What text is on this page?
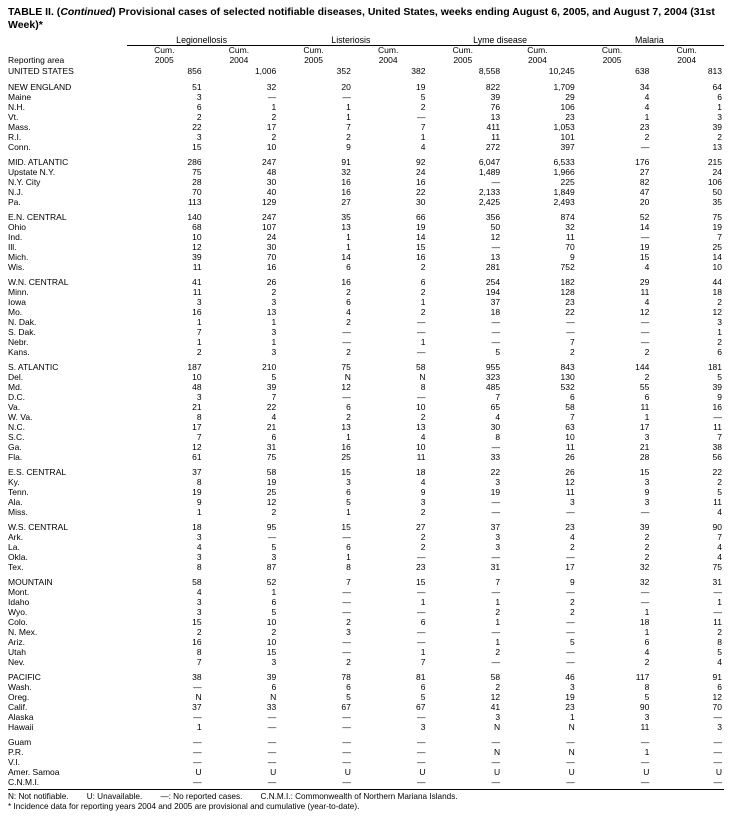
TABLE II. (Continued) Provisional cases of selected notifiable diseases, United States, weeks ending August 6, 2005, and August 7, 2004 (31st Week)*
	Legionellosis		Listeriosis		Lyme disease		Malaria	
Reporting area	Cum.	Cum.	Cum.	Cum.	Cum.	Cum.	Cum.	Cum.
	2005	2004	2005	2004	2005	2004	2005	2004
UNITED STATES	856	1,006	352	382	8,558	10,245	638	813

NEW ENGLAND	51	32	20	19	822	1,709	34	64
Maine	3	—	—	5	39	29	4	6
N.H.	6	1	1	2	76	106	4	1
Vt.	2	2	1	—	13	23	1	3
Mass.	22	17	7	7	411	1,053	23	39
R.I.	3	2	2	1	11	101	2	2
Conn.	15	10	9	4	272	397	—	13

MID. ATLANTIC	286	247	91	92	6,047	6,533	176	215
Upstate N.Y.	75	48	32	24	1,489	1,966	27	24
N.Y. City	28	30	16	16	—	225	82	106
N.J.	70	40	16	22	2,133	1,849	47	50
Pa.	113	129	27	30	2,425	2,493	20	35

E.N. CENTRAL	140	247	35	66	356	874	52	75
Ohio	68	107	13	19	50	32	14	19
Ind.	10	24	1	14	12	11	—	7
Ill.	12	30	1	15	—	70	19	25
Mich.	39	70	14	16	13	9	15	14
Wis.	11	16	6	2	281	752	4	10

W.N. CENTRAL	41	26	16	6	254	182	29	44
Minn.	11	2	2	2	194	128	11	18
Iowa	3	3	6	1	37	23	4	2
Mo.	16	13	4	2	18	22	12	12
N. Dak.	1	1	2	—	—	—	—	3
S. Dak.	7	3	—	—	—	—	—	1
Nebr.	1	1	—	1	—	7	—	2
Kans.	2	3	2	—	5	2	2	6

S. ATLANTIC	187	210	75	58	955	843	144	181
Del.	10	5	N	N	323	130	2	5
Md.	48	39	12	8	485	532	55	39
D.C.	3	7	—	—	7	6	6	9
Va.	21	22	6	10	65	58	11	16
W. Va.	8	4	2	2	4	7	1	—
N.C.	17	21	13	13	30	63	17	11
S.C.	7	6	1	4	8	10	3	7
Ga.	12	31	16	10	—	11	21	38
Fla.	61	75	25	11	33	26	28	56

E.S. CENTRAL	37	58	15	18	22	26	15	22
Ky.	8	19	3	4	3	12	3	2
Tenn.	19	25	6	9	19	11	9	5
Ala.	9	12	5	3	—	3	3	11
Miss.	1	2	1	2	—	—	—	4

W.S. CENTRAL	18	95	15	27	37	23	39	90
Ark.	3	—	—	2	3	4	2	7
La.	4	5	6	2	3	2	2	4
Okla.	3	3	1	—	—	—	2	4
Tex.	8	87	8	23	31	17	32	75

MOUNTAIN	58	52	7	15	7	9	32	31
Mont.	4	1	—	—	—	—	—	—
Idaho	3	6	—	1	1	2	—	1
Wyo.	3	5	—	—	2	2	1	—
Colo.	15	10	2	6	1	—	18	11
N. Mex.	2	2	3	—	—	—	1	2
Ariz.	16	10	—	—	1	5	6	8
Utah	8	15	—	1	2	—	4	5
Nev.	7	3	2	7	—	—	2	4

PACIFIC	38	39	78	81	58	46	117	91
Wash.	—	6	6	6	2	3	8	6
Oreg.	N	N	5	5	12	19	5	12
Calif.	37	33	67	67	41	23	90	70
Alaska	—	—	—	—	3	1	3	—
Hawaii	1	—	—	3	N	N	11	3

Guam	—	—	—	—	—	—	—	—
P.R.	—	—	—	—	N	N	1	—
V.I.	—	—	—	—	—	—	—	—
Amer. Samoa	U	U	U	U	U	U	U	U
C.N.M.I.	—	—	—	—	—	—	—	—
N: Not notifiable.        U: Unavailable.        —: No reported cases.        C.N.M.I.: Commonwealth of Northern Mariana Islands.
* Incidence data for reporting years 2004 and 2005 are provisional and cumulative (year-to-date).
